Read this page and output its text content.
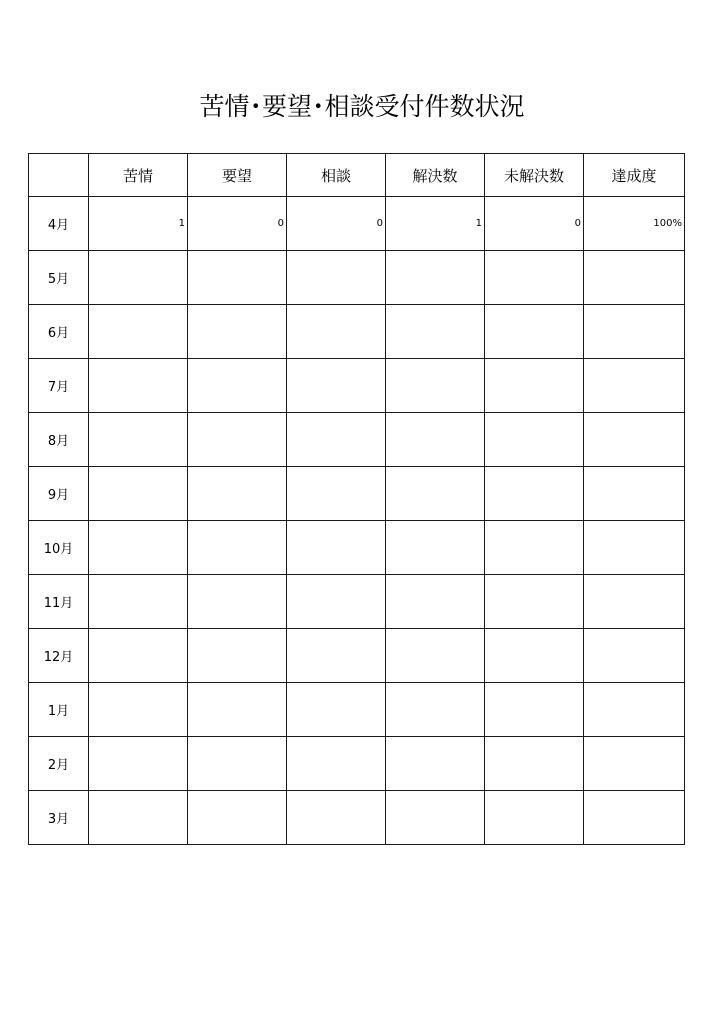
苦情･要望･相談受付件数状況
	苦情	要望	相談	解決数	未解決数	達成度
4月	1	0	0	1	0	100%
5月						
6月						
7月						
8月						
9月						
10月						
11月						
12月						
1月						
2月						
3月						
